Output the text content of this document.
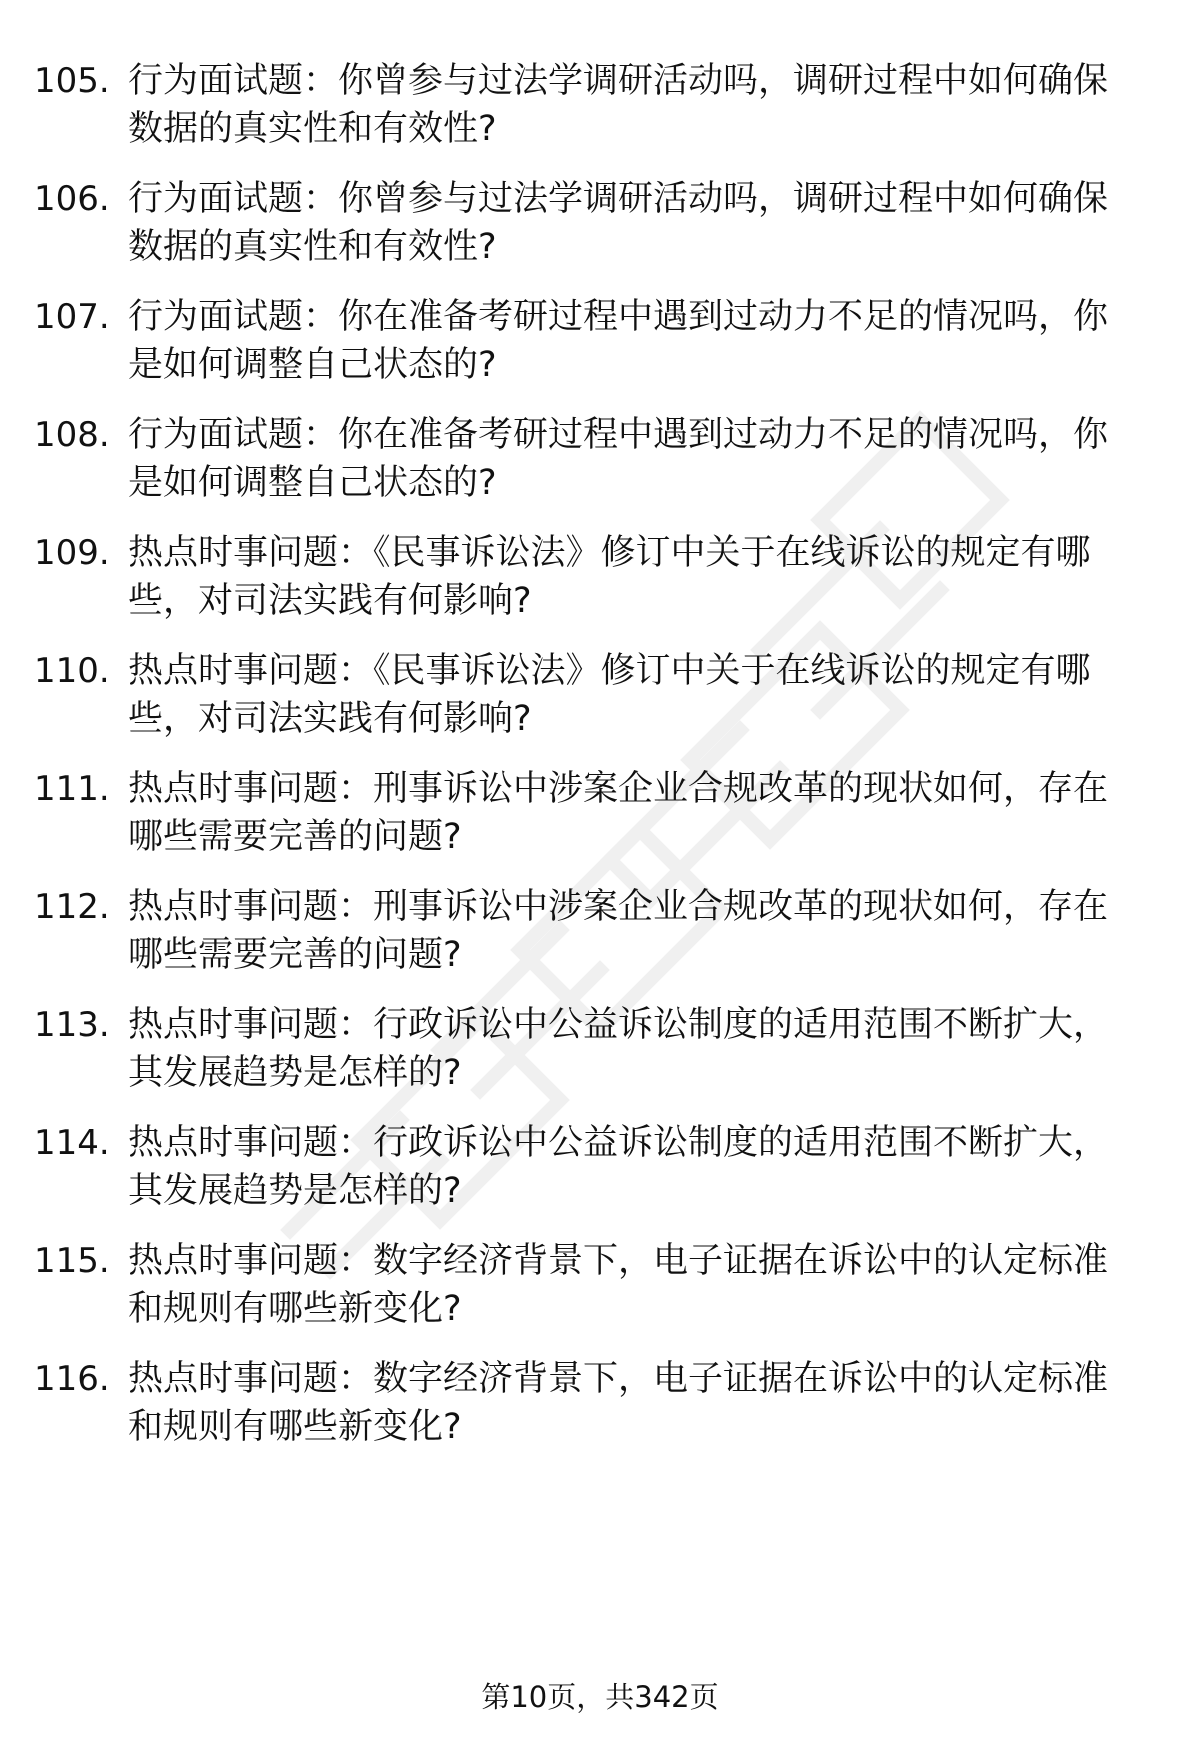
105. 行为面试题：你曾参与过法学调研活动吗，调研过程中如何确保
数据的真实性和有效性?
106. 行为面试题：你曾参与过法学调研活动吗，调研过程中如何确保
数据的真实性和有效性?
107. 行为面试题：你在准备考研过程中遇到过动力不足的情况吗，你
是如何调整自己状态的?
108. 行为面试题：你在准备考研过程中遇到过动力不足的情况吗，你
是如何调整自己状态的?
109. 热点时事问题：《民事诉讼法》修订中关于在线诉讼的规定有哪
些，对司法实践有何影响?
110. 热点时事问题：《民事诉讼法》修订中关于在线诉讼的规定有哪
些，对司法实践有何影响?
111. 热点时事问题：刑事诉讼中涉案企业合规改革的现状如何，存在
哪些需要完善的问题?
112. 热点时事问题：刑事诉讼中涉案企业合规改革的现状如何，存在
哪些需要完善的问题?
113. 热点时事问题：行政诉讼中公益诉讼制度的适用范围不断扩大，
其发展趋势是怎样的?
114. 热点时事问题：行政诉讼中公益诉讼制度的适用范围不断扩大，
其发展趋势是怎样的?
115. 热点时事问题：数字经济背景下，电子证据在诉讼中的认定标准
和规则有哪些新变化?
116. 热点时事问题：数字经济背景下，电子证据在诉讼中的认定标准
和规则有哪些新变化?
第10页，共342页
